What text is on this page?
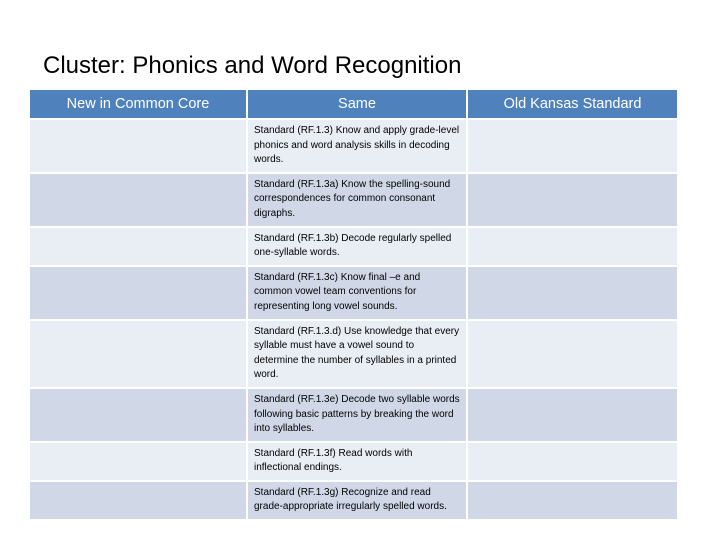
Cluster: Phonics and Word Recognition
New in Common Core	Same	Old Kansas Standard
Standard (RF.1.3) Know and apply grade-level phonics and word analysis skills in decoding words.
Standard (RF.1.3a) Know the spelling-sound correspondences for common consonant digraphs.
Standard (RF.1.3b) Decode regularly spelled one-syllable words.
Standard (RF.1.3c) Know final –e and common vowel team conventions for representing long vowel sounds.
Standard (RF.1.3.d) Use knowledge that every syllable must have a vowel sound to determine the number of syllables in a printed word.
Standard (RF.1.3e) Decode two syllable words following basic patterns by breaking the word into syllables.
Standard (RF.1.3f) Read words with inflectional endings.
Standard (RF.1.3g) Recognize and read grade-appropriate irregularly spelled words.
